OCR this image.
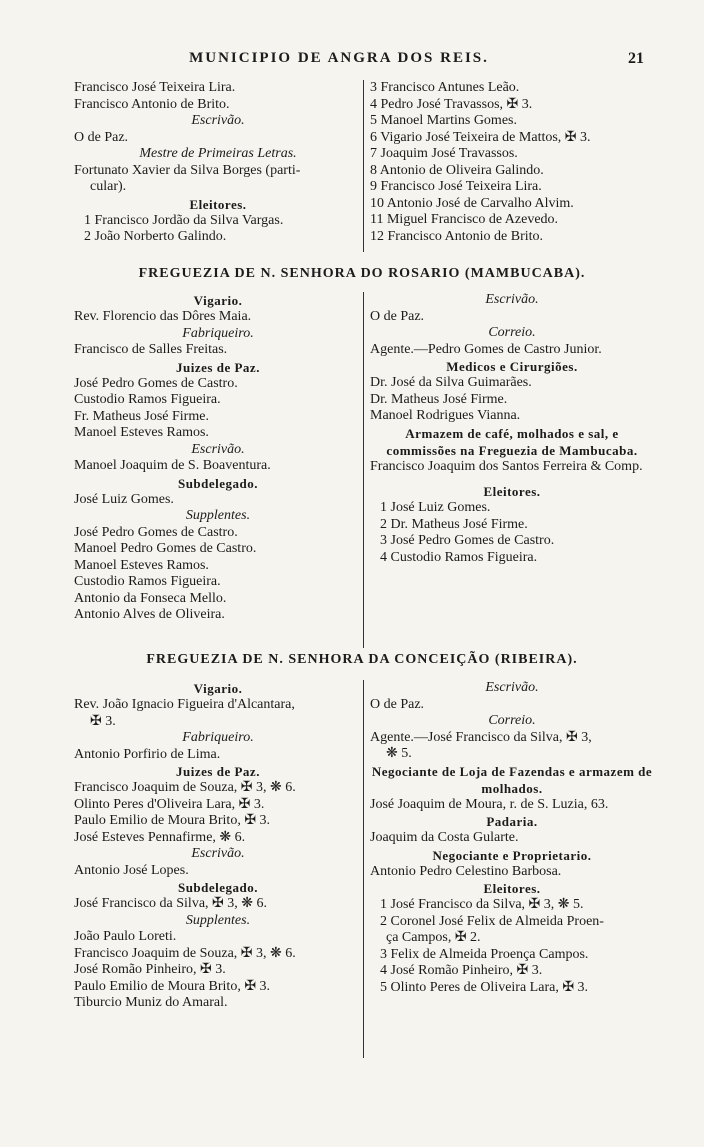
MUNICIPIO DE ANGRA DOS REIS.	21
Francisco José Teixeira Lira.
Francisco Antonio de Brito.
Escrivão.
O de Paz.
Mestre de Primeiras Letras.
Fortunato Xavier da Silva Borges (parti-
cular).
Eleitores.
1 Francisco Jordão da Silva Vargas.
2 João Norberto Galindo.
3 Francisco Antunes Leão.
4 Pedro José Travassos, ✠ 3.
5 Manoel Martins Gomes.
6 Vigario José Teixeira de Mattos, ✠ 3.
7 Joaquim José Travassos.
8 Antonio de Oliveira Galindo.
9 Francisco José Teixeira Lira.
10 Antonio José de Carvalho Alvim.
11 Miguel Francisco de Azevedo.
12 Francisco Antonio de Brito.
FREGUEZIA DE N. SENHORA DO ROSARIO (MAMBUCABA).
Vigario.
Rev. Florencio das Dôres Maia.
Fabriqueiro.
Francisco de Salles Freitas.
Juizes de Paz.
José Pedro Gomes de Castro.
Custodio Ramos Figueira.
Fr. Matheus José Firme.
Manoel Esteves Ramos.
Escrivão.
Manoel Joaquim de S. Boaventura.
Subdelegado.
José Luiz Gomes.
Supplentes.
José Pedro Gomes de Castro.
Manoel Pedro Gomes de Castro.
Manoel Esteves Ramos.
Custodio Ramos Figueira.
Antonio da Fonseca Mello.
Antonio Alves de Oliveira.
Escrivão.
O de Paz.
Correio.
Agente.—Pedro Gomes de Castro Junior.
Medicos e Cirurgiões.
Dr. José da Silva Guimarães.
Dr. Matheus José Firme.
Manoel Rodrigues Vianna.
Armazem de café, molhados e sal, e commissões na Freguezia de Mambucaba.
Francisco Joaquim dos Santos Ferreira & Comp.
Eleitores.
1 José Luiz Gomes.
2 Dr. Matheus José Firme.
3 José Pedro Gomes de Castro.
4 Custodio Ramos Figueira.
FREGUEZIA DE N. SENHORA DA CONCEIÇÃO (RIBEIRA).
Vigario.
Rev. João Ignacio Figueira d'Alcantara,
✠ 3.
Fabriqueiro.
Antonio Porfirio de Lima.
Juizes de Paz.
Francisco Joaquim de Souza, ✠ 3, ❋ 6.
Olinto Peres d'Oliveira Lara, ✠ 3.
Paulo Emilio de Moura Brito, ✠ 3.
José Esteves Pennafirme, ❋ 6.
Escrivão.
Antonio José Lopes.
Subdelegado.
José Francisco da Silva, ✠ 3, ❋ 6.
Supplentes.
João Paulo Loreti.
Francisco Joaquim de Souza, ✠ 3, ❋ 6.
José Romão Pinheiro, ✠ 3.
Paulo Emilio de Moura Brito, ✠ 3.
Tiburcio Muniz do Amaral.
Escrivão.
O de Paz.
Correio.
Agente.—José Francisco da Silva, ✠ 3,
❋ 5.
Negociante de Loja de Fazendas e armazem de molhados.
José Joaquim de Moura, r. de S. Luzia, 63.
Padaria.
Joaquim da Costa Gularte.
Negociante e Proprietario.
Antonio Pedro Celestino Barbosa.
Eleitores.
1 José Francisco da Silva, ✠ 3, ❋ 5.
2 Coronel José Felix de Almeida Proen-
ça Campos, ✠ 2.
3 Felix de Almeida Proença Campos.
4 José Romão Pinheiro, ✠ 3.
5 Olinto Peres de Oliveira Lara, ✠ 3.
